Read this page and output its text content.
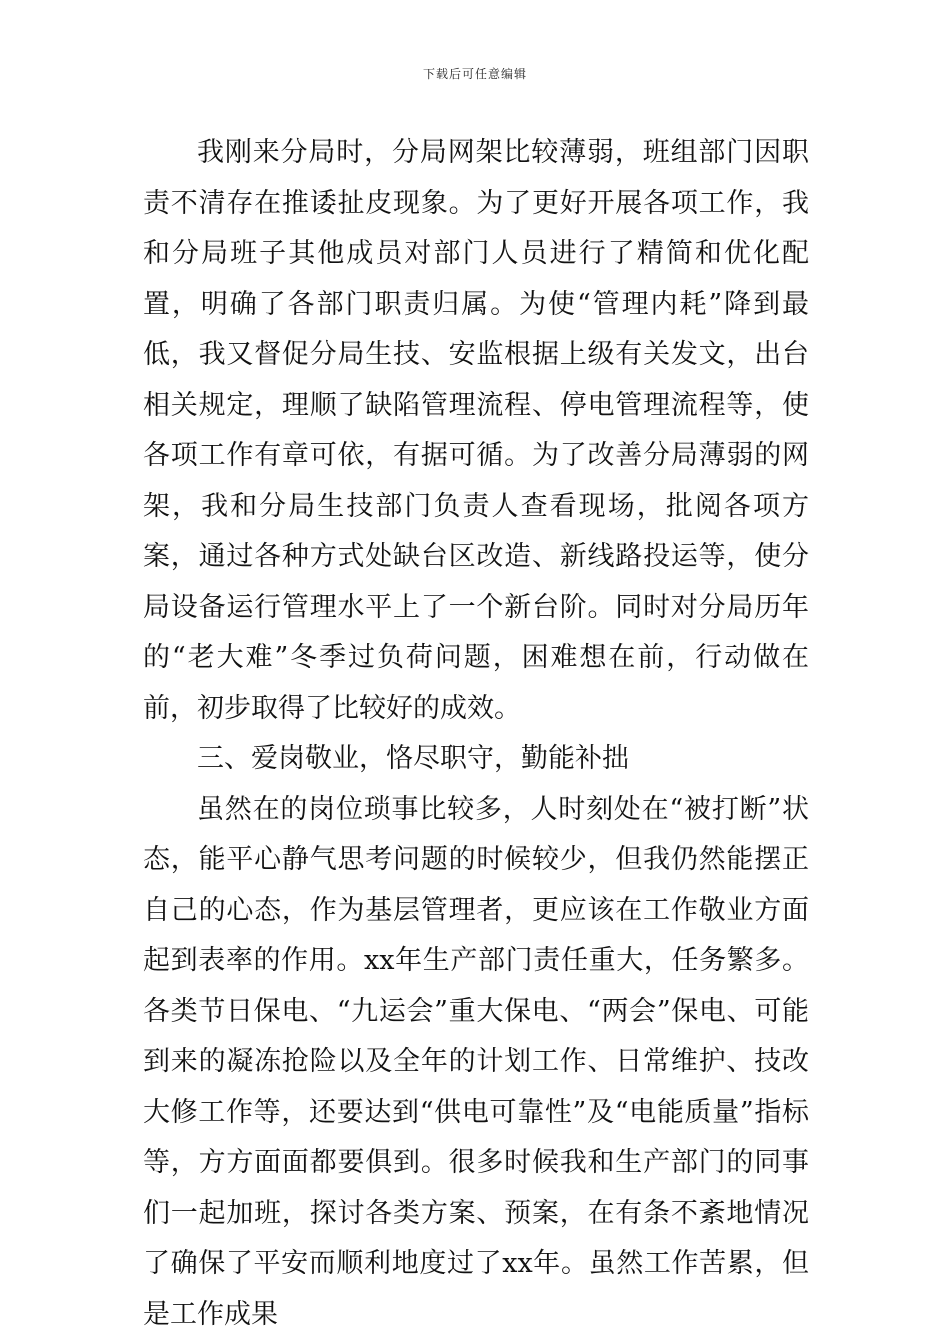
下载后可任意编辑

我刚来分局时，分局网架比较薄弱，班组部门因职责不清存在推诿扯皮现象。为了更好开展各项工作，我和分局班子其他成员对部门人员进行了精简和优化配置，明确了各部门职责归属。为使“管理内耗”降到最低，我又督促分局生技、安监根据上级有关发文，出台相关规定，理顺了缺陷管理流程、停电管理流程等，使各项工作有章可依，有据可循。为了改善分局薄弱的网架，我和分局生技部门负责人查看现场，批阅各项方案，通过各种方式处缺台区改造、新线路投运等，使分局设备运行管理水平上了一个新台阶。同时对分局历年的“老大难”冬季过负荷问题，困难想在前，行动做在前，初步取得了比较好的成效。

三、爱岗敬业，恪尽职守，勤能补拙

虽然在的岗位琐事比较多，人时刻处在“被打断”状态，能平心静气思考问题的时候较少，但我仍然能摆正自己的心态，作为基层管理者，更应该在工作敬业方面起到表率的作用。xx年生产部门责任重大，任务繁多。各类节日保电、“九运会”重大保电、“两会”保电、可能到来的凝冻抢险以及全年的计划工作、日常维护、技改大修工作等，还要达到“供电可靠性”及“电能质量”指标等，方方面面都要俱到。很多时候我和生产部门的同事们一起加班，探讨各类方案、预案，在有条不紊地情况了确保了平安而顺利地度过了xx年。虽然工作苦累，但是工作成果
